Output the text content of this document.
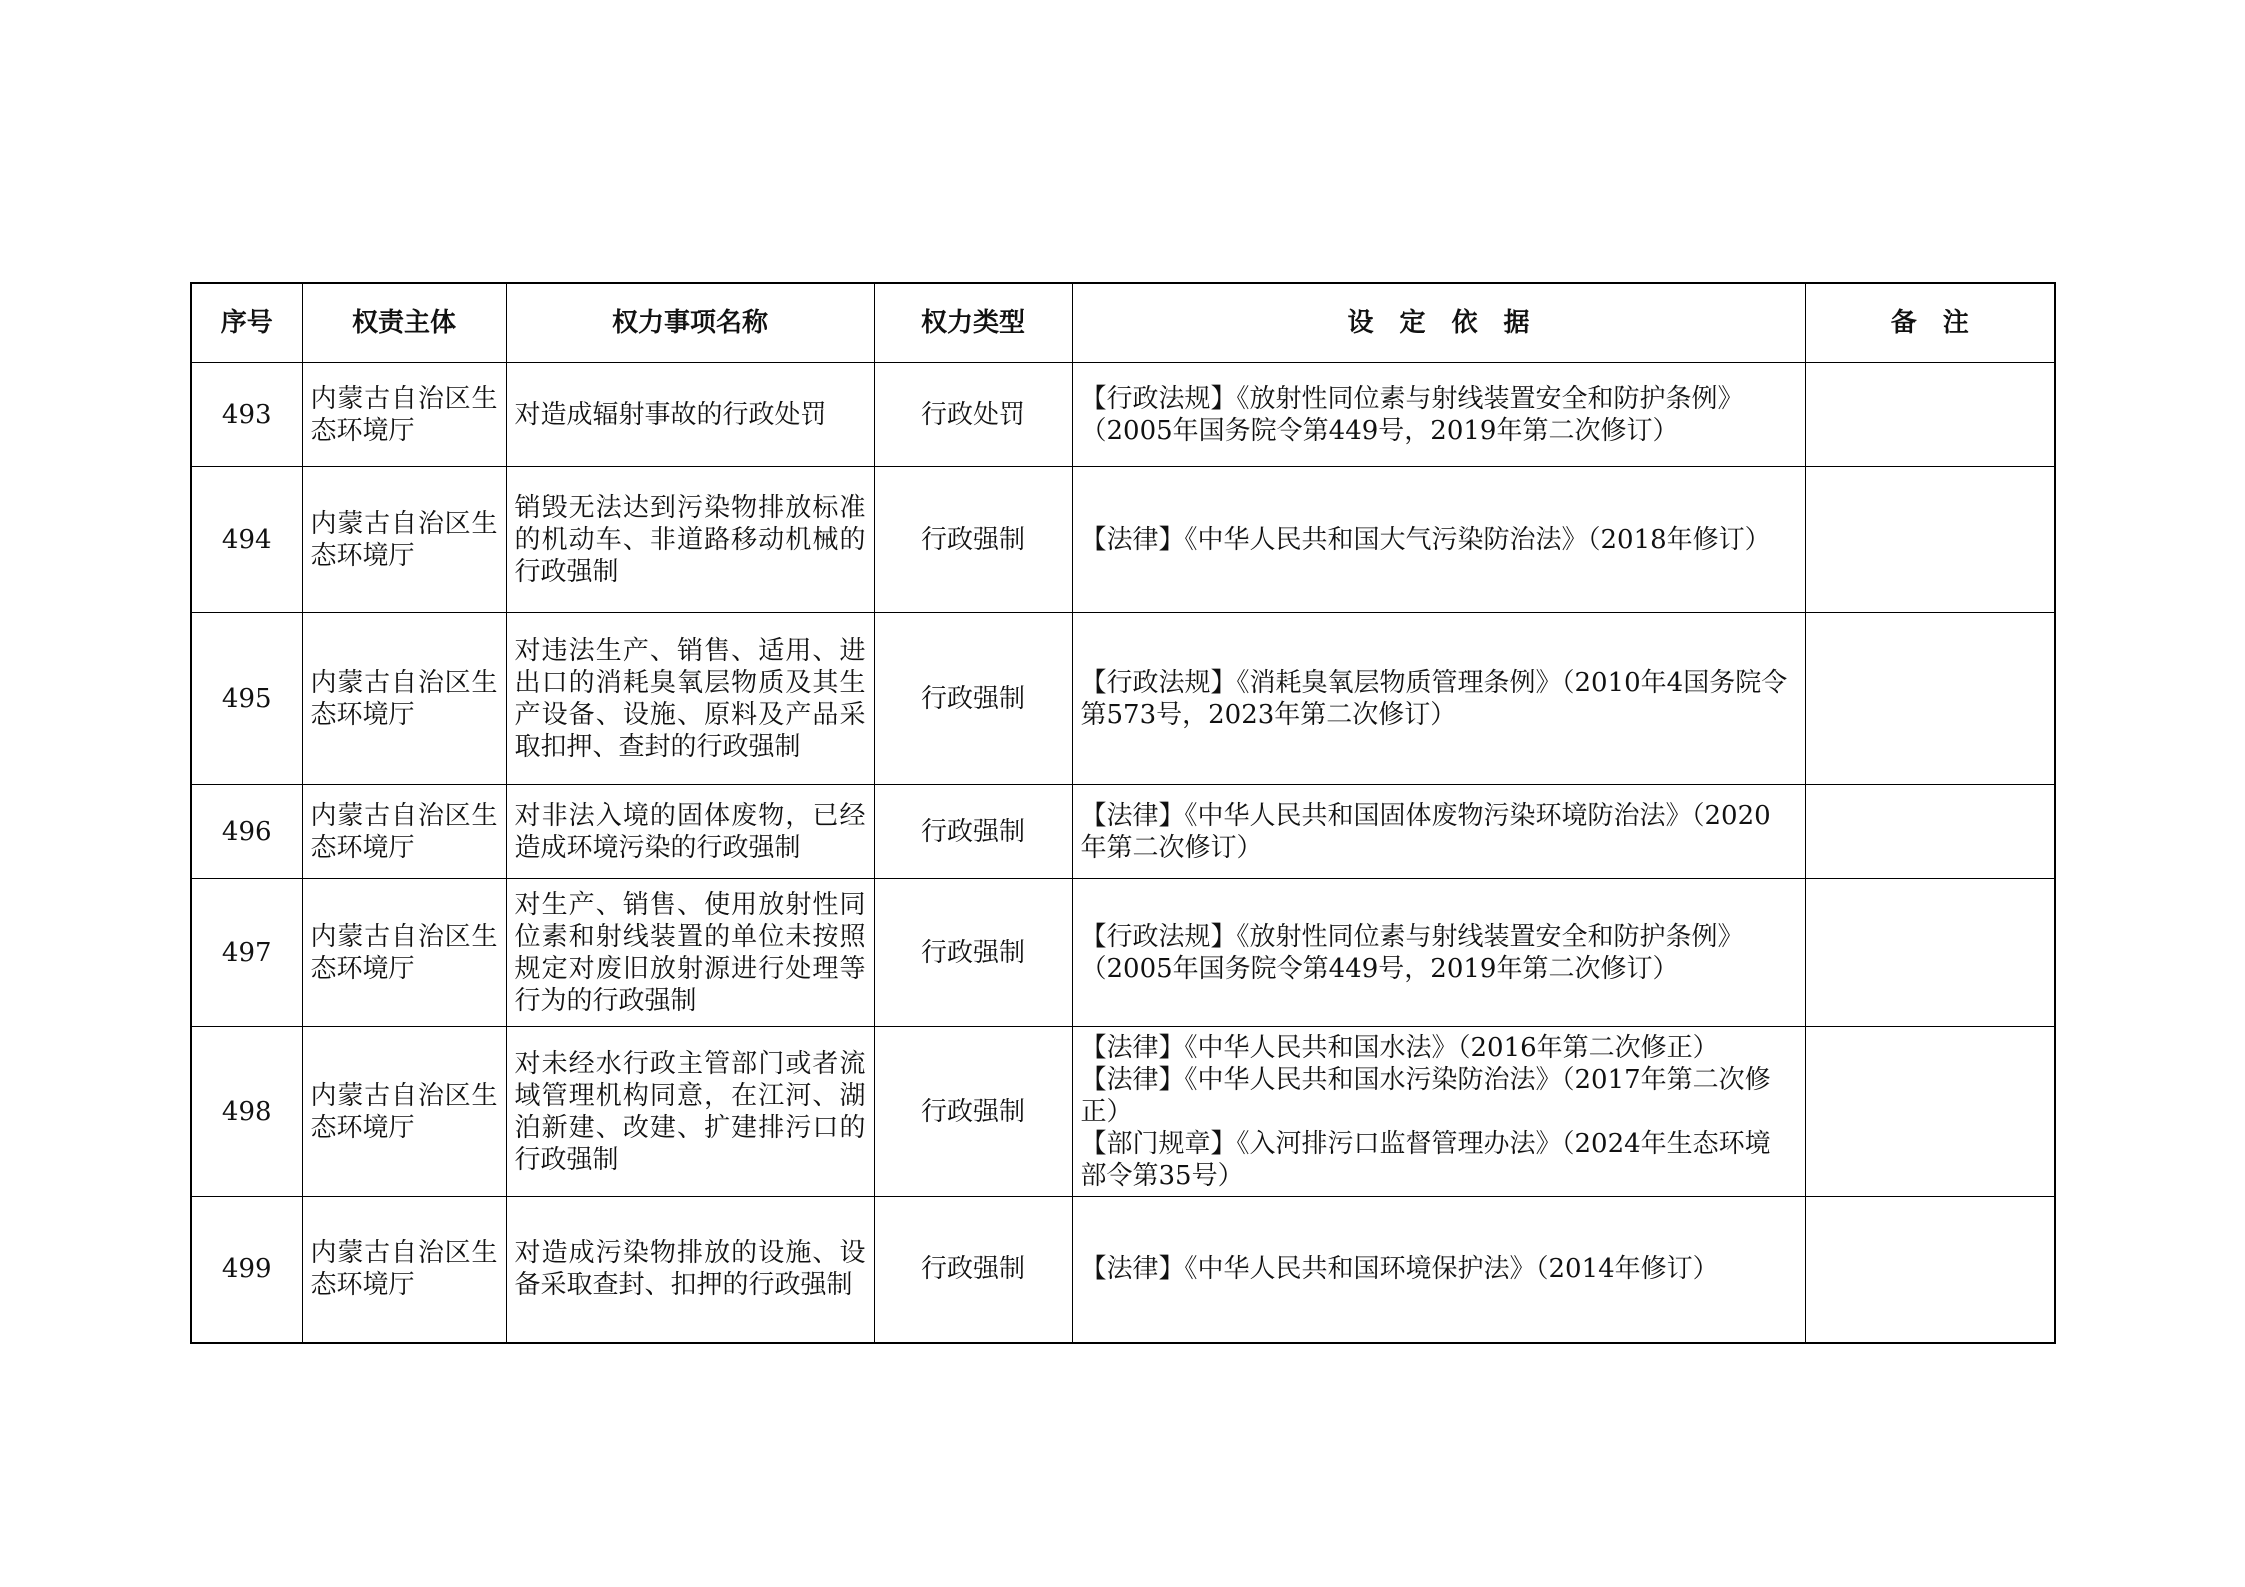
序号	权责主体	权力事项名称	权力类型	设　定　依　据	备　注
493	内蒙古自治区生态环境厅	对造成辐射事故的行政处罚	行政处罚	【行政法规】《放射性同位素与射线装置安全和防护条例》（2005年国务院令第449号，2019年第二次修订）	

494	内蒙古自治区生态环境厅	销毁无法达到污染物排放标准的机动车、非道路移动机械的行政强制	行政强制	【法律】《中华人民共和国大气污染防治法》（2018年修订）	

495	内蒙古自治区生态环境厅	对违法生产、销售、适用、进出口的消耗臭氧层物质及其生产设备、设施、原料及产品采取扣押、查封的行政强制	行政强制	【行政法规】《消耗臭氧层物质管理条例》（2010年4国务院令第573号，2023年第二次修订）	

496	内蒙古自治区生态环境厅	对非法入境的固体废物，已经造成环境污染的行政强制	行政强制	【法律】《中华人民共和国固体废物污染环境防治法》（2020年第二次修订）	

497	内蒙古自治区生态环境厅	对生产、销售、使用放射性同位素和射线装置的单位未按照规定对废旧放射源进行处理等行为的行政强制	行政强制	【行政法规】《放射性同位素与射线装置安全和防护条例》（2005年国务院令第449号，2019年第二次修订）	

498	内蒙古自治区生态环境厅	对未经水行政主管部门或者流域管理机构同意，在江河、湖泊新建、改建、扩建排污口的行政强制	行政强制	【法律】《中华人民共和国水法》（2016年第二次修正）
【法律】《中华人民共和国水污染防治法》（2017年第二次修正）
【部门规章】《入河排污口监督管理办法》（2024年生态环境部令第35号）	

499	内蒙古自治区生态环境厅	对造成污染物排放的设施、设备采取查封、扣押的行政强制	行政强制	【法律】《中华人民共和国环境保护法》（2014年修订）	
